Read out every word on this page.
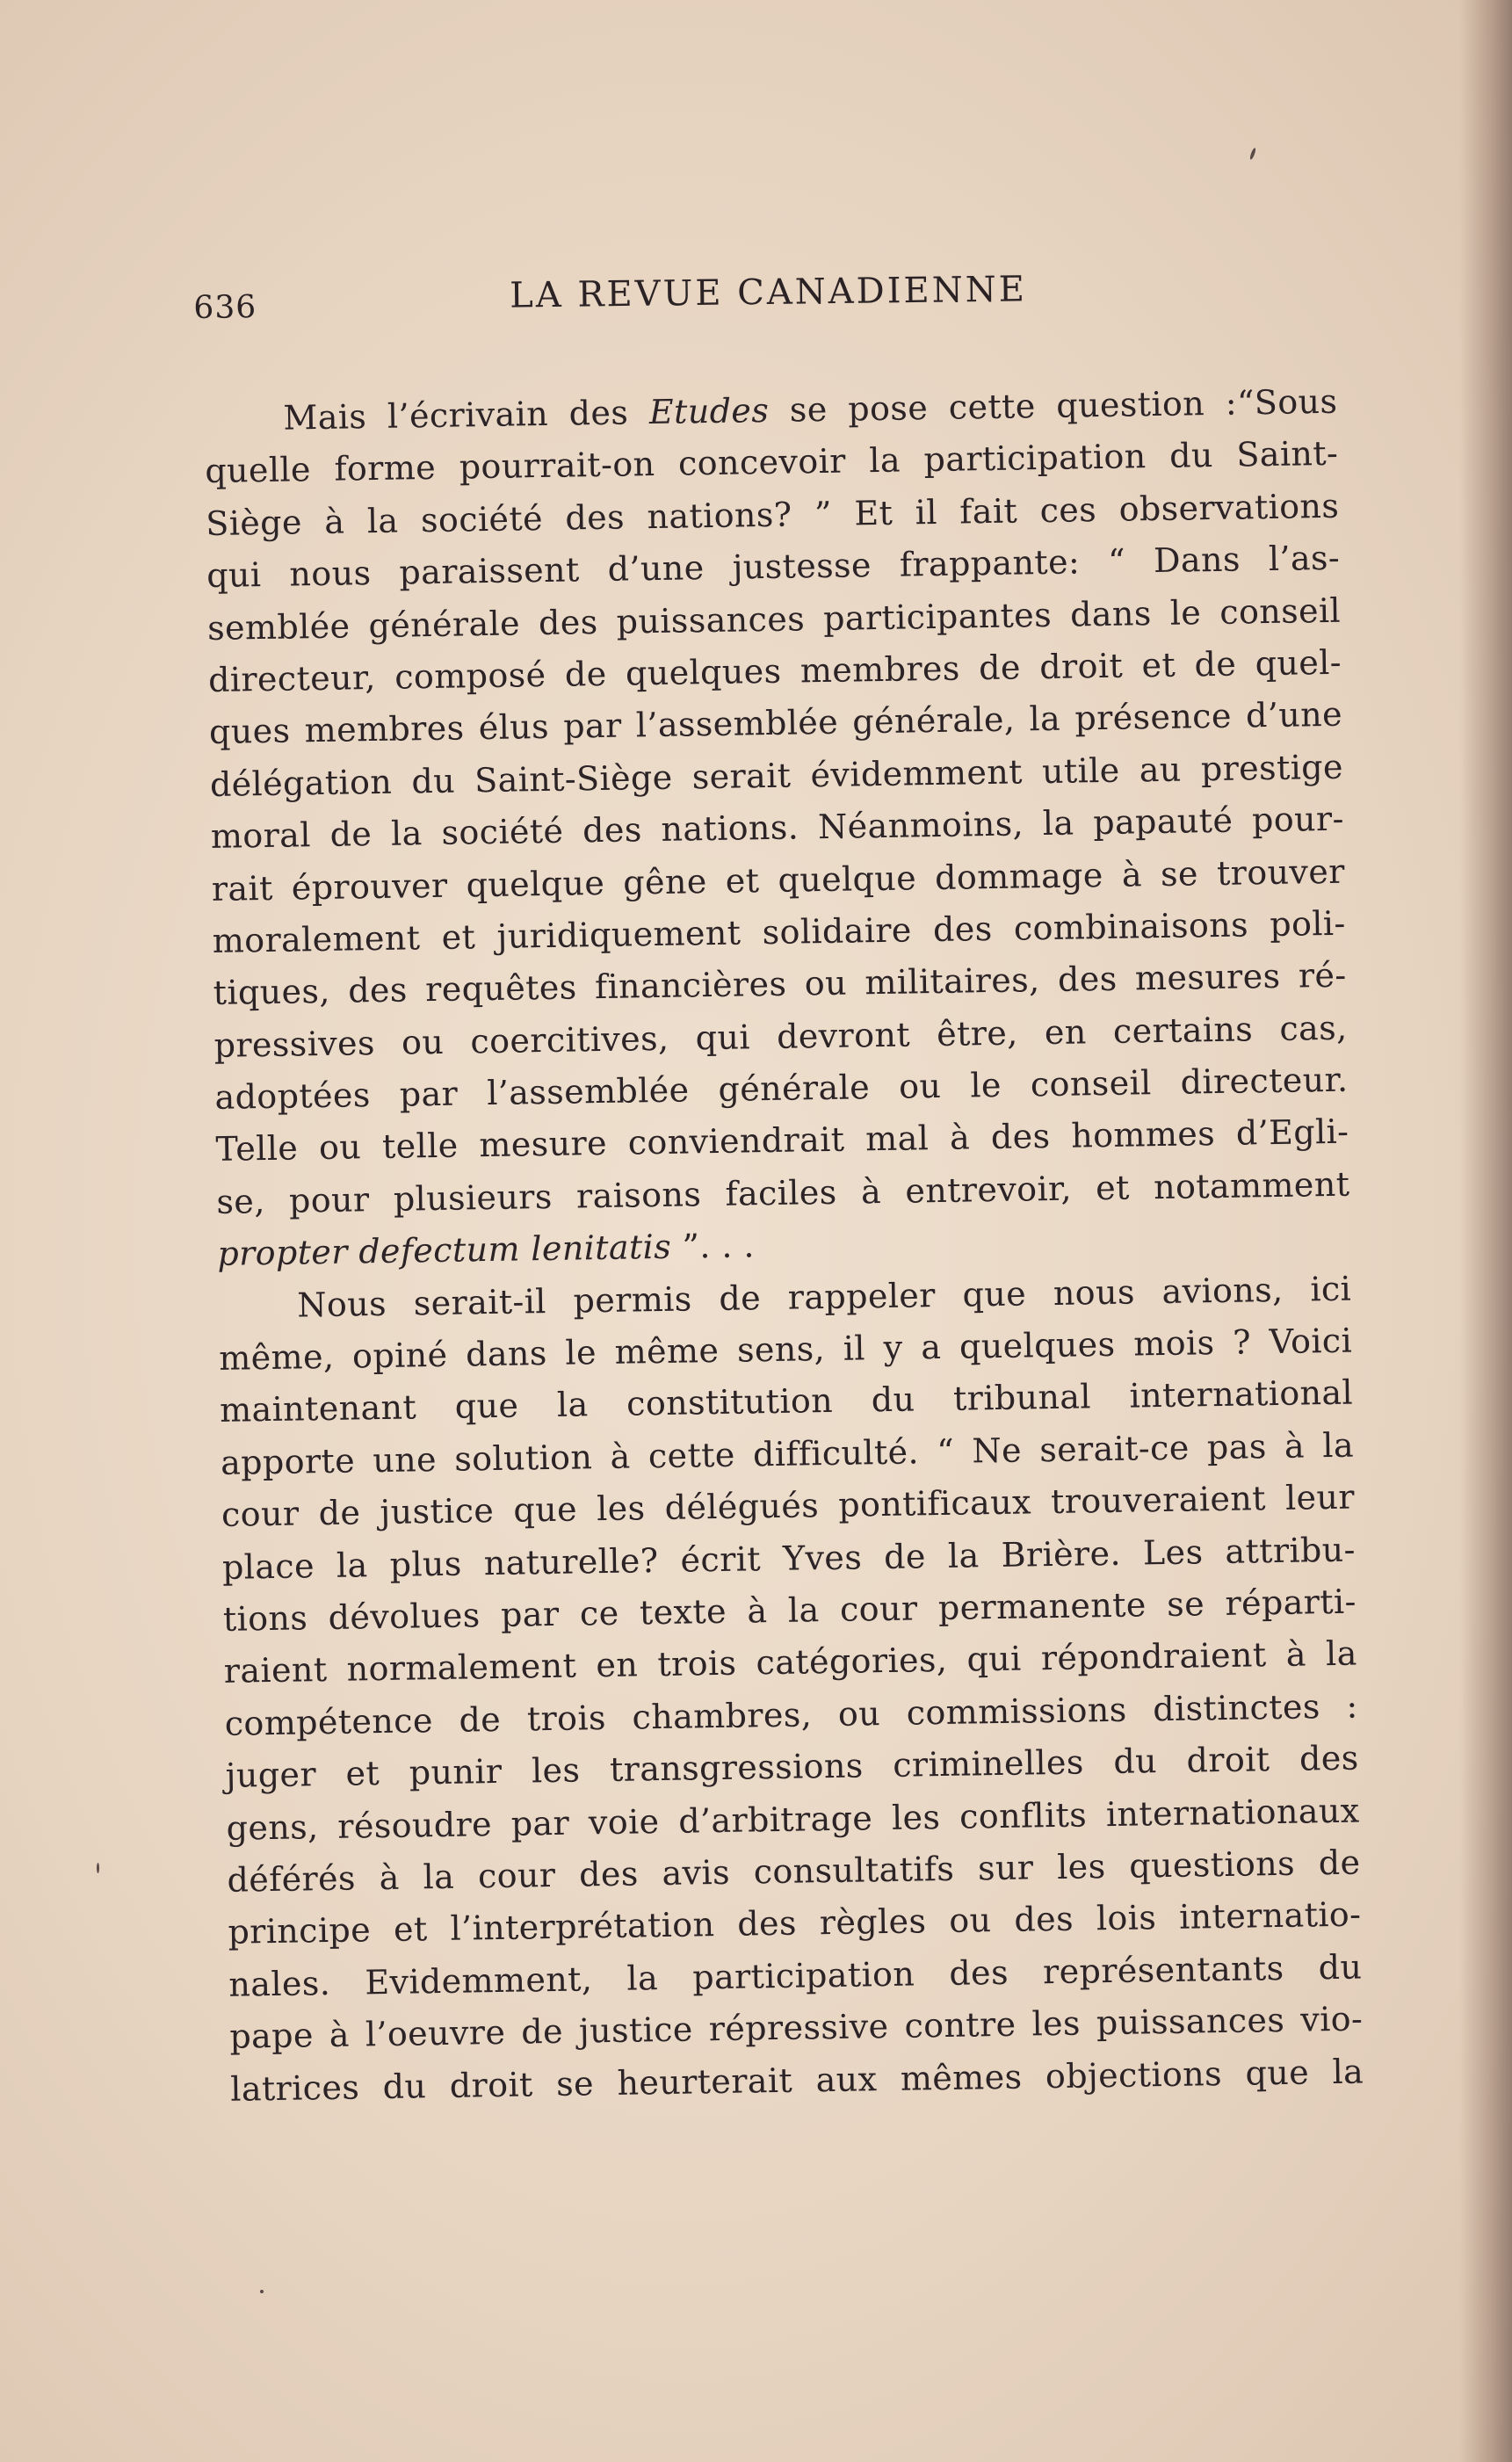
636	LA REVUE CANADIENNE
Mais l’écrivain des Etudes se pose cette question :“Sous
quelle forme pourrait-on concevoir la participation du Saint-
Siège à la société des nations? ” Et il fait ces observations
qui nous paraissent d’une justesse frappante: “ Dans l’as-
semblée générale des puissances participantes dans le conseil
directeur, composé de quelques membres de droit et de quel-
ques membres élus par l’assemblée générale, la présence d’une
délégation du Saint-Siège serait évidemment utile au prestige
moral de la société des nations. Néanmoins, la papauté pour-
rait éprouver quelque gêne et quelque dommage à se trouver
moralement et juridiquement solidaire des combinaisons poli-
tiques, des requêtes financières ou militaires, des mesures ré-
pressives ou coercitives, qui devront être, en certains cas,
adoptées par l’assemblée générale ou le conseil directeur.
Telle ou telle mesure conviendrait mal à des hommes d’Egli-
se, pour plusieurs raisons faciles à entrevoir, et notamment
propter defectum lenitatis ”. . .
Nous serait-il permis de rappeler que nous avions, ici
même, opiné dans le même sens, il y a quelques mois ? Voici
maintenant que la constitution du tribunal international
apporte une solution à cette difficulté. “ Ne serait-ce pas à la
cour de justice que les délégués pontificaux trouveraient leur
place la plus naturelle? écrit Yves de la Brière. Les attribu-
tions dévolues par ce texte à la cour permanente se réparti-
raient normalement en trois catégories, qui répondraient à la
compétence de trois chambres, ou commissions distinctes :
juger et punir les transgressions criminelles du droit des
gens, résoudre par voie d’arbitrage les conflits internationaux
déférés à la cour des avis consultatifs sur les questions de
principe et l’interprétation des règles ou des lois internatio-
nales. Evidemment, la participation des représentants du
pape à l’oeuvre de justice répressive contre les puissances vio-
latrices du droit se heurterait aux mêmes objections que la
